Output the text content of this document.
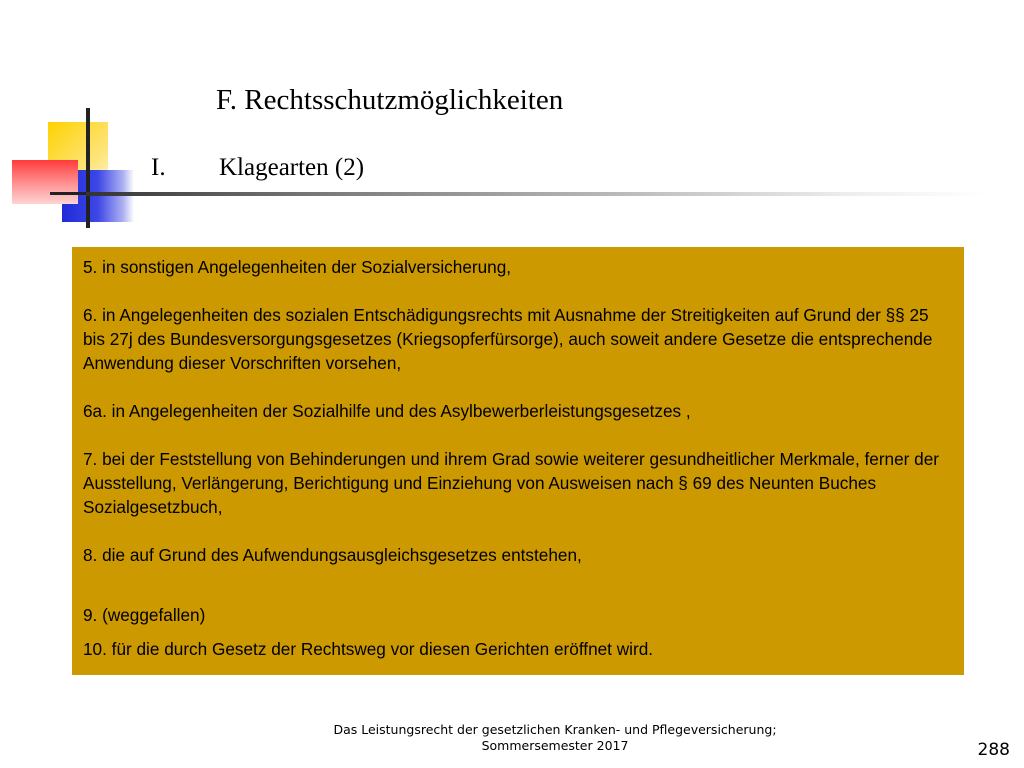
F. Rechtsschutzmöglichkeiten
I. Klagearten (2)

5. in sonstigen Angelegenheiten der Sozialversicherung,

6. in Angelegenheiten des sozialen Entschädigungsrechts mit Ausnahme der Streitigkeiten auf Grund der §§ 25 bis 27j des Bundesversorgungsgesetzes (Kriegsopferfürsorge), auch soweit andere Gesetze die entsprechende Anwendung dieser Vorschriften vorsehen,

6a. in Angelegenheiten der Sozialhilfe und des Asylbewerberleistungsgesetzes ,

7. bei der Feststellung von Behinderungen und ihrem Grad sowie weiterer gesundheitlicher Merkmale, ferner der Ausstellung, Verlängerung, Berichtigung und Einziehung von Ausweisen nach § 69 des Neunten Buches Sozialgesetzbuch,

8. die auf Grund des Aufwendungsausgleichsgesetzes entstehen,

9. (weggefallen)

10. für die durch Gesetz der Rechtsweg vor diesen Gerichten eröffnet wird.

Das Leistungsrecht der gesetzlichen Kranken- und Pflegeversicherung;
Sommersemester 2017	288
